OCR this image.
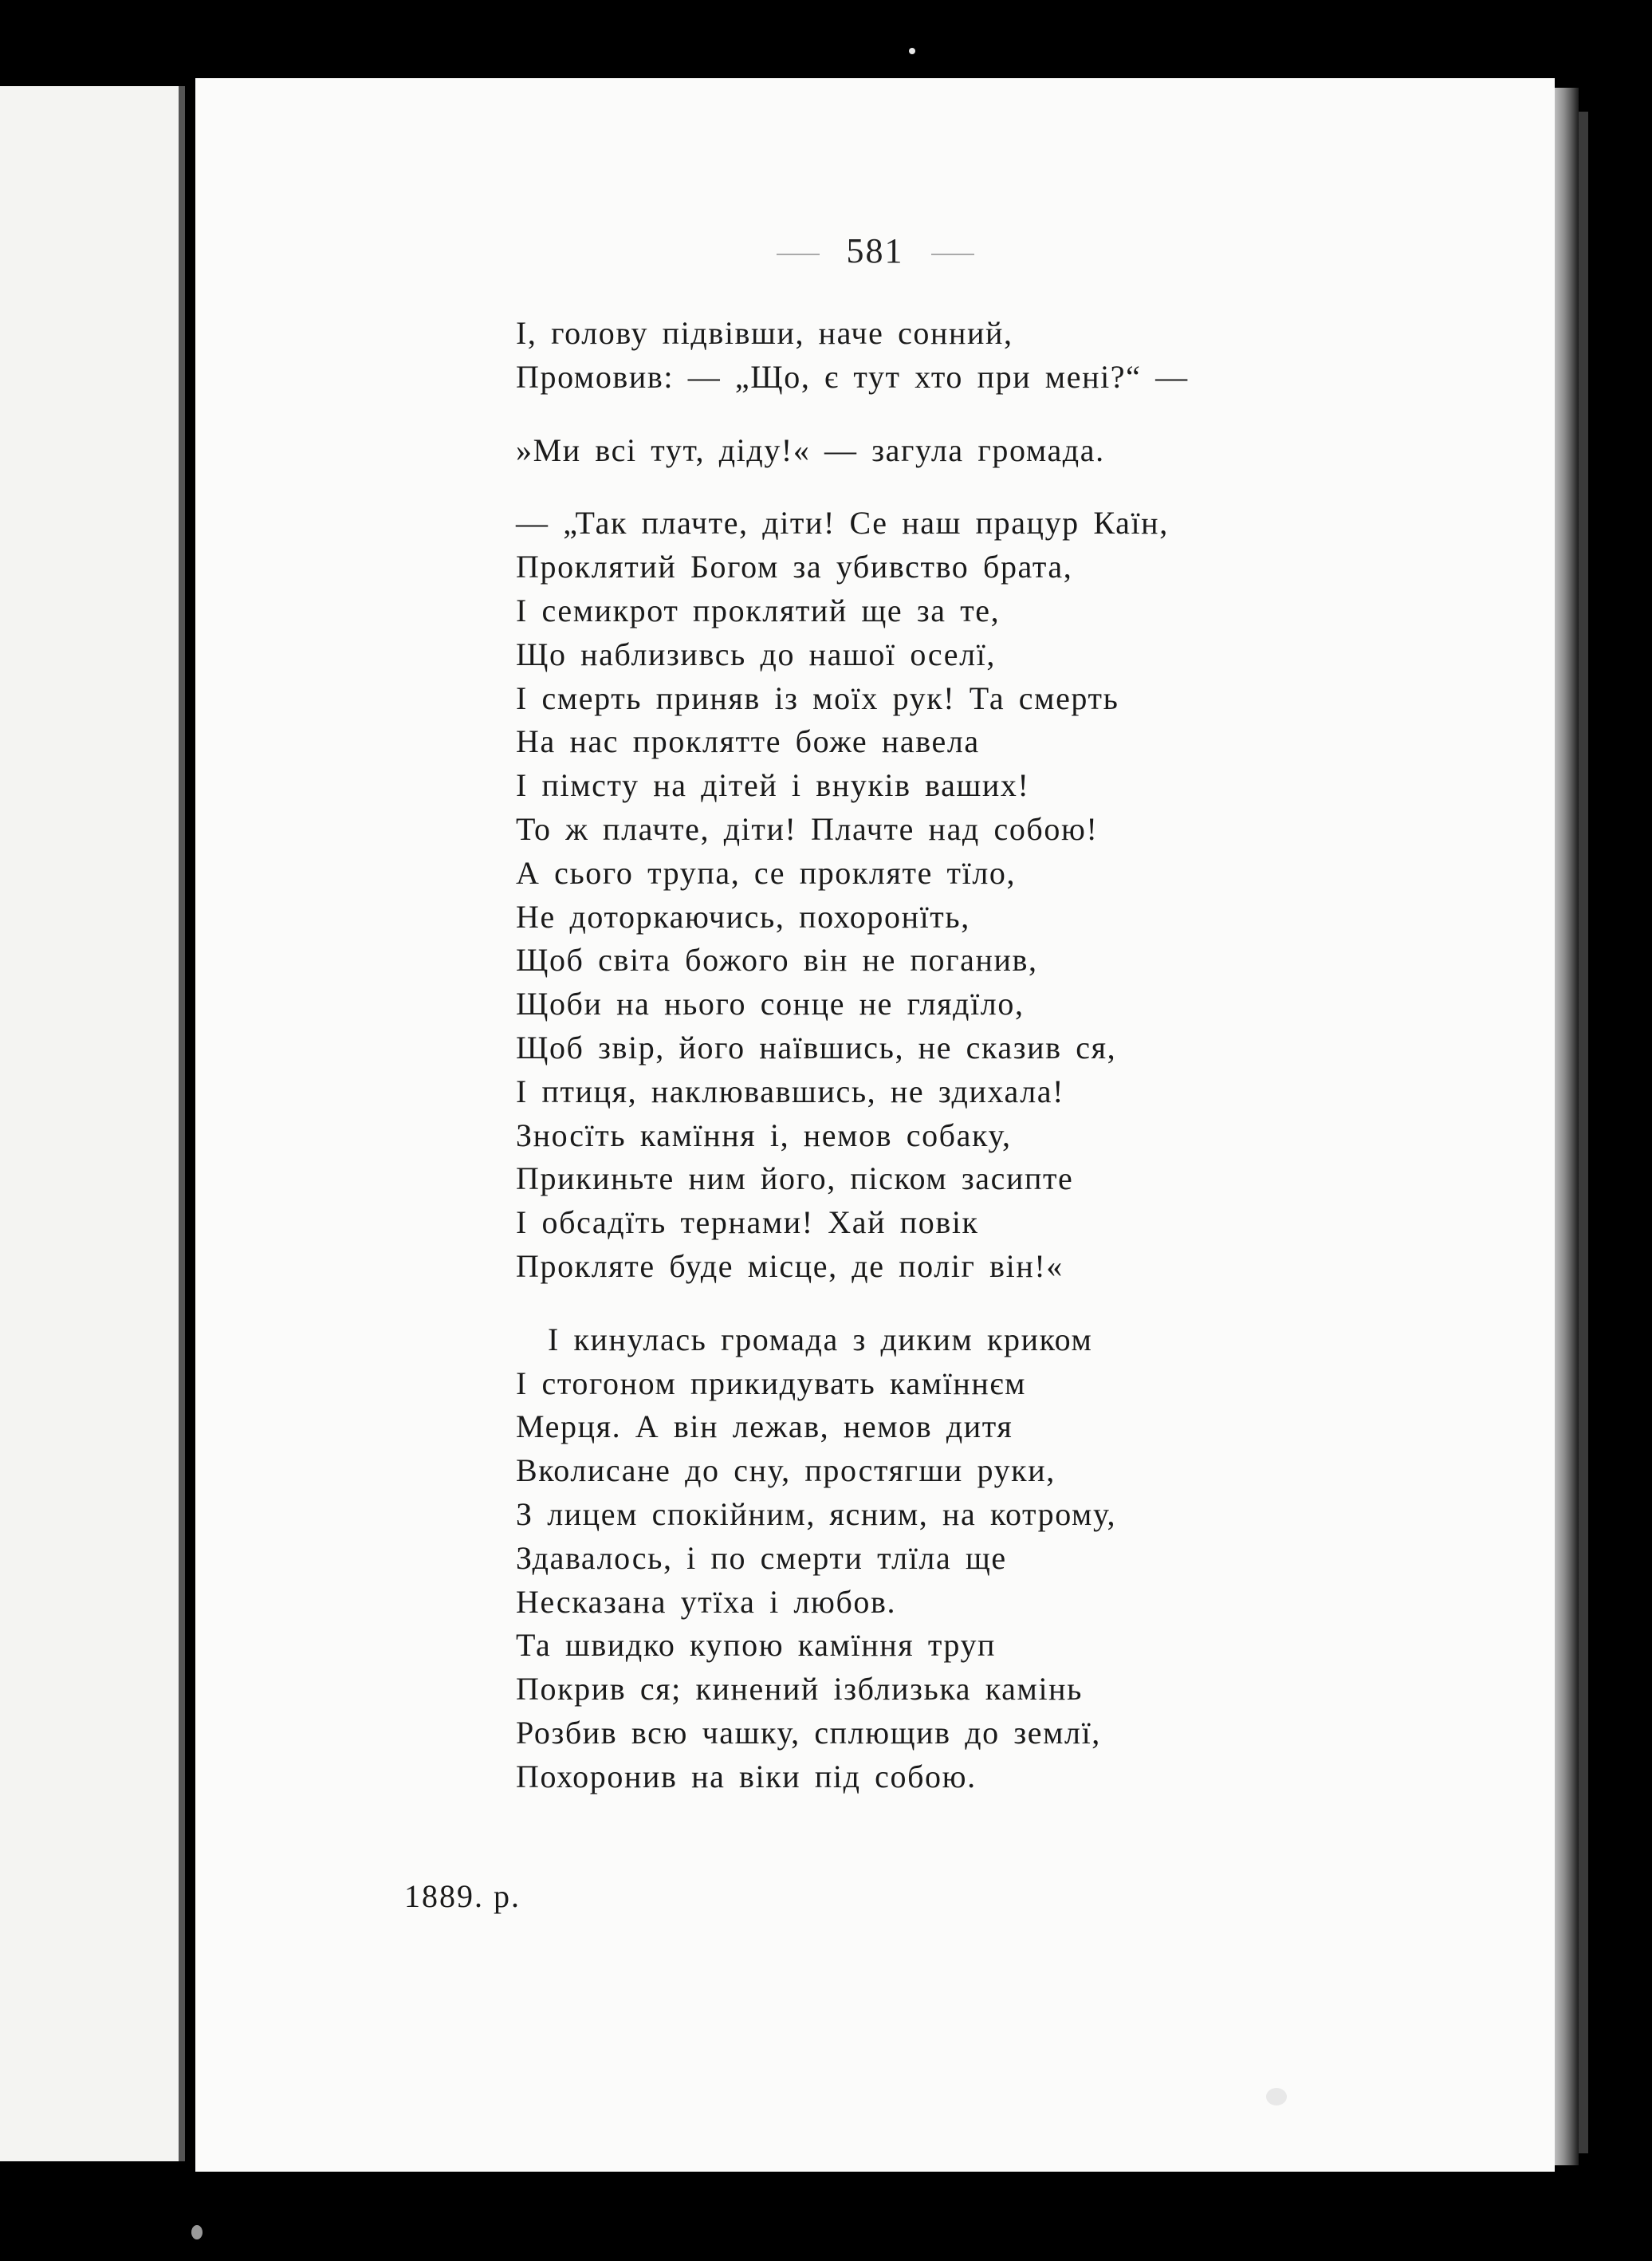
581
І, голову підвівши, наче сонний,
Промовив: — „Що, є тут хто при мені?“ —
»Ми всі тут, діду!« — загула громада.
— „Так плачте, діти! Се наш працур Каїн,
Проклятий Богом за убивство брата,
І семикрот проклятий ще за те,
Що наблизивсь до нашої оселї,
І смерть приняв із моїх рук! Та смерть
На нас проклятте боже навела
І пімсту на дітей і внуків ваших!
То ж плачте, діти! Плачте над собою!
А сього трупа, се прокляте тїло,
Не доторкаючись, похоронїть,
Щоб світа божого він не поганив,
Щоби на нього сонце не глядїло,
Щоб звір, його наївшись, не сказив ся,
І птиця, наклювавшись, не здихала!
Зносїть камїння і, немов собаку,
Прикиньте ним його, піском засипте
І обсадїть тернами! Хай повік
Прокляте буде місце, де поліг він!«
І кинулась громада з диким криком
І стогоном прикидувать камїннєм
Мерця. А він лежав, немов дитя
Вколисане до сну, простягши руки,
З лицем спокійним, ясним, на котрому,
Здавалось, і по смерти тлїла ще
Несказана утїха і любов.
Та швидко купою камїння труп
Покрив ся; кинений ізблизька камінь
Розбив всю чашку, сплющив до землї,
Похоронив на віки під собою.
1889. р.
